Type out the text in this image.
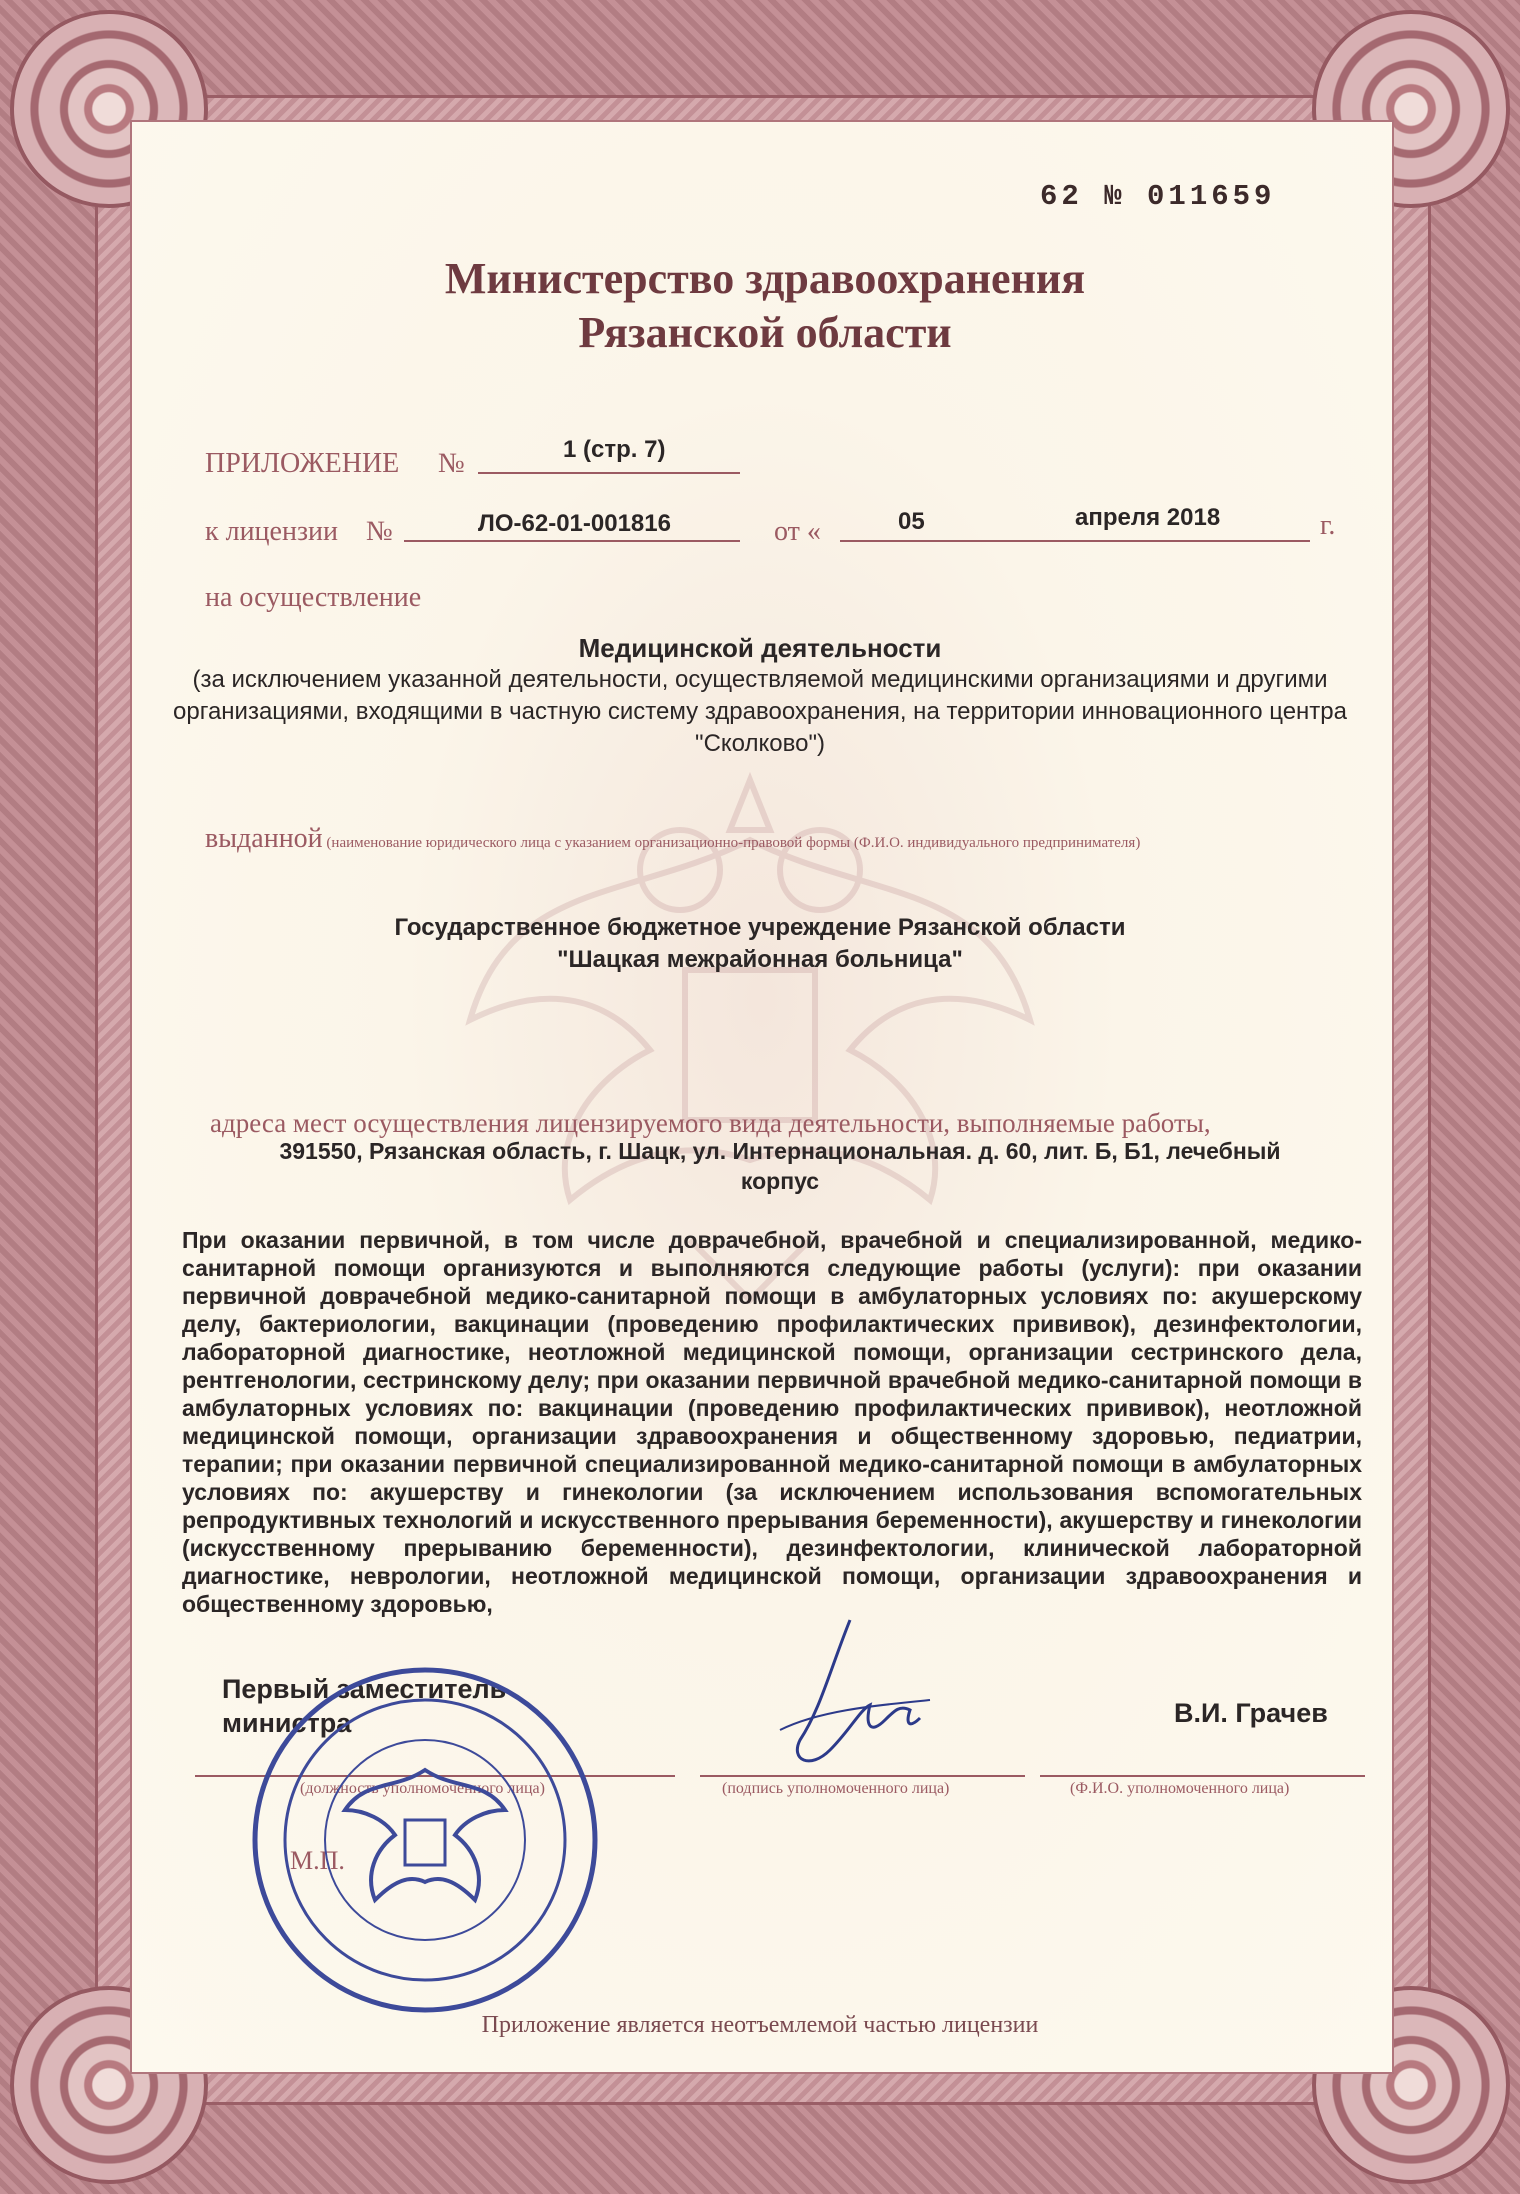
62 № 011659
Министерство здравоохранения
Рязанской области
ПРИЛОЖЕНИЕ №	1 (стр. 7)
к лицензии №	ЛО-62-01-001816	от «	05	апреля 2018	г.
на осуществление
Медицинской деятельности
(за исключением указанной деятельности, осуществляемой медицинскими организациями и другими организациями, входящими в частную систему здравоохранения, на территории инновационного центра "Сколково")
выданной (наименование юридического лица с указанием организационно-правовой формы (Ф.И.О. индивидуального предпринимателя)
Государственное бюджетное учреждение Рязанской области
"Шацкая межрайонная больница"
адреса мест осуществления лицензируемого вида деятельности, выполняемые работы,
391550, Рязанская область, г. Шацк, ул. Интернациональная. д. 60, лит. Б, Б1, лечебный
корпус
При оказании первичной, в том числе доврачебной, врачебной и специализированной, медико-санитарной помощи организуются и выполняются следующие работы (услуги): при оказании первичной доврачебной медико-санитарной помощи в амбулаторных условиях по: акушерскому делу, бактериологии, вакцинации (проведению профилактических прививок), дезинфектологии, лабораторной диагностике, неотложной медицинской помощи, организации сестринского дела, рентгенологии, сестринскому делу; при оказании первичной врачебной медико-санитарной помощи в амбулаторных условиях по: вакцинации (проведению профилактических прививок), неотложной медицинской помощи, организации здравоохранения и общественному здоровью, педиатрии, терапии; при оказании первичной специализированной медико-санитарной помощи в амбулаторных условиях по: акушерству и гинекологии (за исключением использования вспомогательных репродуктивных технологий и искусственного прерывания беременности), акушерству и гинекологии (искусственному прерыванию беременности), дезинфектологии, клинической лабораторной диагностике, неврологии, неотложной медицинской помощи, организации здравоохранения и общественному здоровью,
Первый заместитель
министра	В.И. Грачев
(должность уполномоченного лица)	(подпись уполномоченного лица)	(Ф.И.О. уполномоченного лица)
М.П.
Приложение является неотъемлемой частью лицензии
